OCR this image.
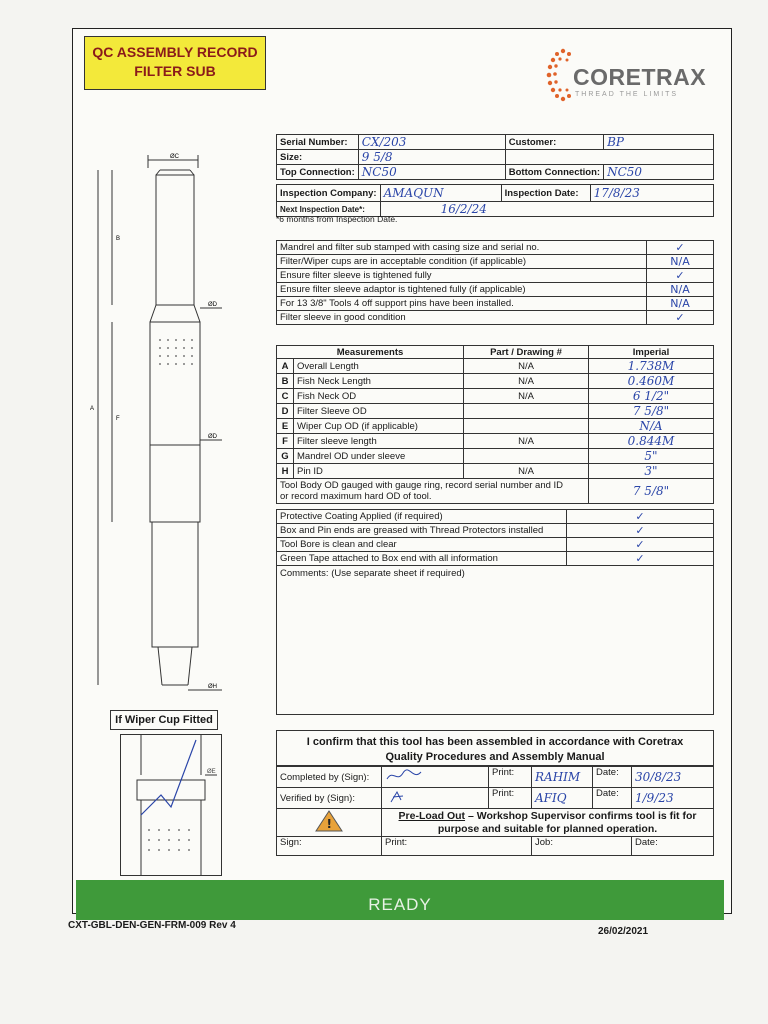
QC ASSEMBLY RECORD
FILTER SUB	CORETRAX
THREAD THE LIMITS
ØC
B
A
F
ØD
ØD
ØH
Serial Number:	CX/203	Customer:	BP
Size:	9 5/8		
Top Connection:	NC50	Bottom Connection:	NC50
Inspection Company:	AMAQUN	Inspection Date:	17/8/23
Next Inspection Date*:	16/2/24		
*6 months from Inspection Date.
Mandrel and filter sub stamped with casing size and serial no.	✓
Filter/Wiper cups are in acceptable condition (if applicable)	N/A
Ensure filter sleeve is tightened fully	✓
Ensure filter sleeve adaptor is tightened fully (if applicable)	N/A
For 13 3/8" Tools 4 off support pins have been installed.	N/A
Filter sleeve in good condition	✓
Measurements		Part / Drawing #	Imperial
A	Overall Length	N/A	1.738M
B	Fish Neck Length	N/A	0.460M
C	Fish Neck OD	N/A	6 1/2"
D	Filter Sleeve OD		7 5/8"
E	Wiper Cup OD (if applicable)		N/A
F	Filter sleeve length	N/A	0.844M
G	Mandrel OD under sleeve		5"
H	Pin ID	N/A	3"

Tool Body OD gauged with gauge ring, record serial number and ID
or record maximum hard OD of tool.			7 5/8"
Protective Coating Applied (if required)	✓
Box and Pin ends are greased with Thread Protectors installed	✓
Tool Bore is clean and clear	✓
Green Tape attached to Box end with all information	✓
Comments: (Use separate sheet if required)	
If Wiper Cup Fitted
ØE
I confirm that this tool has been assembled in accordance with Coretrax
Quality Procedures and Assembly Manual
Completed by (Sign):		Print:	RAHIM	Date:	30/8/23
Verified by (Sign):		Print:	AFIQ	Date:	1/9/23

!	Pre-Load Out – Workshop Supervisor confirms tool is fit for
purpose and suitable for planned operation.				
Sign:	Print:		Job:		Date:
READY
CXT-GBL-DEN-GEN-FRM-009 Rev 4
26/02/2021
